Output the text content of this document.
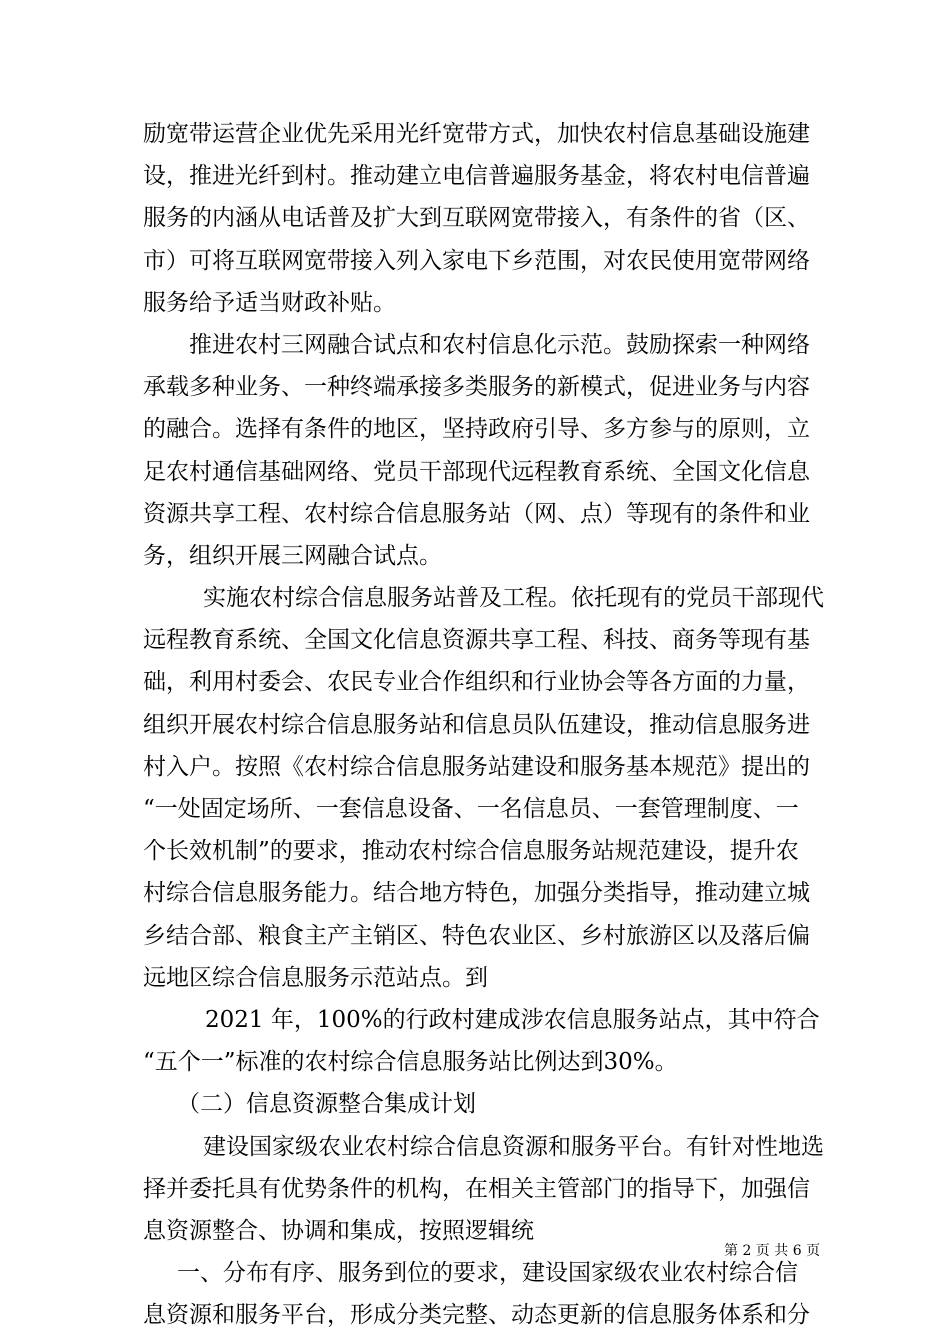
励宽带运营企业优先采用光纤宽带方式，加快农村信息基础设施建
设，推进光纤到村。推动建立电信普遍服务基金，将农村电信普遍
服务的内涵从电话普及扩大到互联网宽带接入，有条件的省（区、
市）可将互联网宽带接入列入家电下乡范围，对农民使用宽带网络
服务给予适当财政补贴。
推进农村三网融合试点和农村信息化示范。鼓励探索一种网络
承载多种业务、一种终端承接多类服务的新模式，促进业务与内容
的融合。选择有条件的地区，坚持政府引导、多方参与的原则，立
足农村通信基础网络、党员干部现代远程教育系统、全国文化信息
资源共享工程、农村综合信息服务站（网、点）等现有的条件和业
务，组织开展三网融合试点。
实施农村综合信息服务站普及工程。依托现有的党员干部现代
远程教育系统、全国文化信息资源共享工程、科技、商务等现有基
础，利用村委会、农民专业合作组织和行业协会等各方面的力量，
组织开展农村综合信息服务站和信息员队伍建设，推动信息服务进
村入户。按照《农村综合信息服务站建设和服务基本规范》提出的
“一处固定场所、一套信息设备、一名信息员、一套管理制度、一
个长效机制”的要求，推动农村综合信息服务站规范建设，提升农
村综合信息服务能力。结合地方特色，加强分类指导，推动建立城
乡结合部、粮食主产主销区、特色农业区、乡村旅游区以及落后偏
远地区综合信息服务示范站点。到
2021 年，100%的行政村建成涉农信息服务站点，其中符合
“五个一”标准的农村综合信息服务站比例达到30%。
（二）信息资源整合集成计划
建设国家级农业农村综合信息资源和服务平台。有针对性地选
择并委托具有优势条件的机构，在相关主管部门的指导下，加强信
息资源整合、协调和集成，按照逻辑统
一、分布有序、服务到位的要求，建设国家级农业农村综合信
息资源和服务平台，形成分类完整、动态更新的信息服务体系和分
第 2 页 共 6 页
